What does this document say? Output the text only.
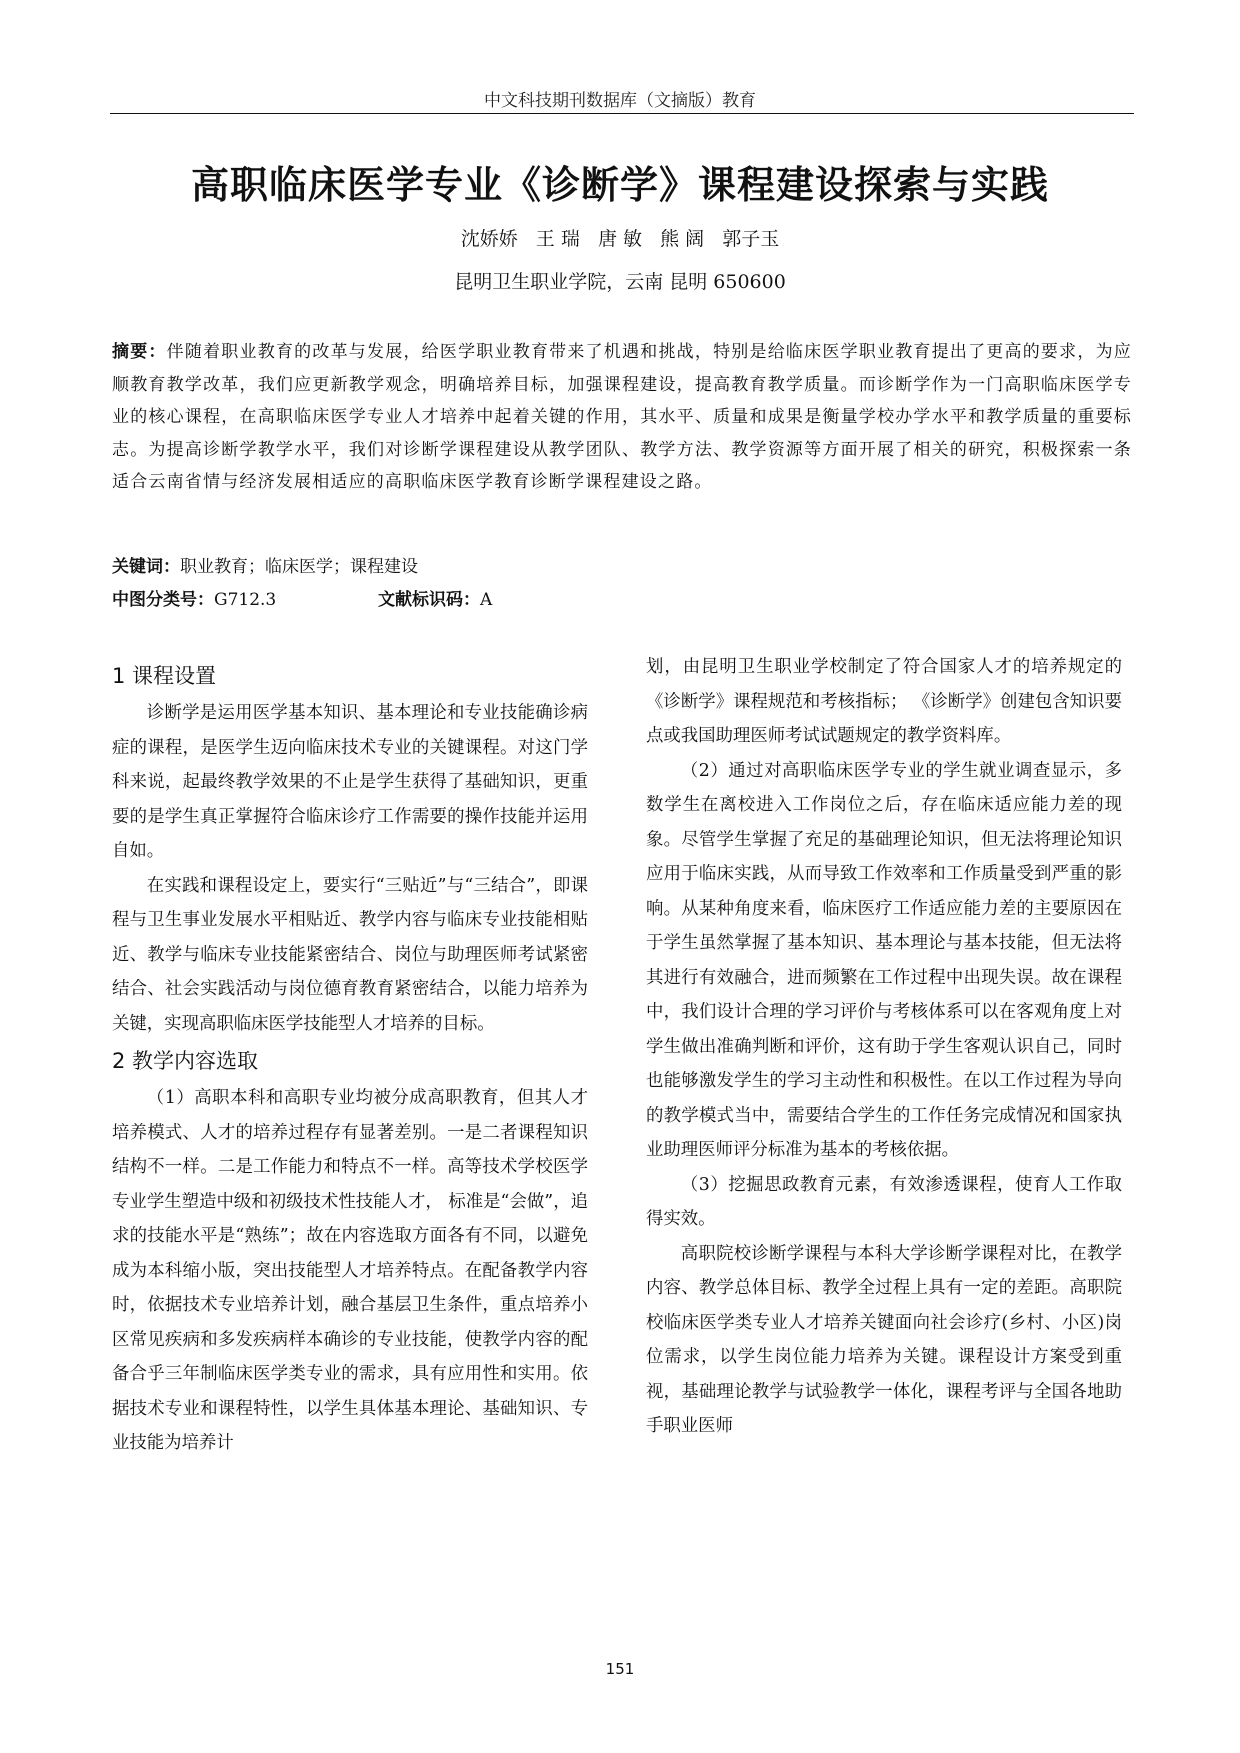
中文科技期刊数据库（文摘版）教育
高职临床医学专业《诊断学》课程建设探索与实践
沈娇娇   王 瑞   唐 敏   熊 阔   郭子玉
昆明卫生职业学院，云南 昆明 650600
摘要：伴随着职业教育的改革与发展，给医学职业教育带来了机遇和挑战，特别是给临床医学职业教育提出了更高的要求，为应顺教育教学改革，我们应更新教学观念，明确培养目标，加强课程建设，提高教育教学质量。而诊断学作为一门高职临床医学专业的核心课程，在高职临床医学专业人才培养中起着关键的作用，其水平、质量和成果是衡量学校办学水平和教学质量的重要标志。为提高诊断学教学水平，我们对诊断学课程建设从教学团队、教学方法、教学资源等方面开展了相关的研究，积极探索一条适合云南省情与经济发展相适应的高职临床医学教育诊断学课程建设之路。
关键词：职业教育；临床医学；课程建设
中图分类号：G712.3	文献标识码：A
1 课程设置

诊断学是运用医学基本知识、基本理论和专业技能确诊病症的课程，是医学生迈向临床技术专业的关键课程。对这门学科来说，起最终教学效果的不止是学生获得了基础知识，更重要的是学生真正掌握符合临床诊疗工作需要的操作技能并运用自如。

在实践和课程设定上，要实行“三贴近”与“三结合”，即课程与卫生事业发展水平相贴近、教学内容与临床专业技能相贴近、教学与临床专业技能紧密结合、岗位与助理医师考试紧密结合、社会实践活动与岗位德育教育紧密结合，以能力培养为关键，实现高职临床医学技能型人才培养的目标。

2 教学内容选取

（1）高职本科和高职专业均被分成高职教育，但其人才培养模式、人才的培养过程存有显著差别。一是二者课程知识结构不一样。二是工作能力和特点不一样。高等技术学校医学专业学生塑造中级和初级技术性技能人才， 标准是“会做”，追求的技能水平是“熟练”；故在内容选取方面各有不同，以避免成为本科缩小版，突出技能型人才培养特点。在配备教学内容时，依据技术专业培养计划，融合基层卫生条件，重点培养小区常见疾病和多发疾病样本确诊的专业技能，使教学内容的配备合乎三年制临床医学类专业的需求，具有应用性和实用。依据技术专业和课程特性，以学生具体基本理论、基础知识、专业技能为培养计

划，由昆明卫生职业学校制定了符合国家人才的培养规定的《诊断学》课程规范和考核指标； 《诊断学》创建包含知识要点或我国助理医师考试试题规定的教学资料库。

（2）通过对高职临床医学专业的学生就业调查显示，多数学生在离校进入工作岗位之后，存在临床适应能力差的现象。尽管学生掌握了充足的基础理论知识，但无法将理论知识应用于临床实践，从而导致工作效率和工作质量受到严重的影响。从某种角度来看，临床医疗工作适应能力差的主要原因在于学生虽然掌握了基本知识、基本理论与基本技能，但无法将其进行有效融合，进而频繁在工作过程中出现失误。故在课程中，我们设计合理的学习评价与考核体系可以在客观角度上对学生做出准确判断和评价，这有助于学生客观认识自己，同时也能够激发学生的学习主动性和积极性。在以工作过程为导向的教学模式当中，需要结合学生的工作任务完成情况和国家执业助理医师评分标准为基本的考核依据。

（3）挖掘思政教育元素，有效渗透课程，使育人工作取得实效。

高职院校诊断学课程与本科大学诊断学课程对比，在教学内容、教学总体目标、教学全过程上具有一定的差距。高职院校临床医学类专业人才培养关键面向社会诊疗(乡村、小区)岗位需求，以学生岗位能力培养为关键。课程设计方案受到重视，基础理论教学与试验教学一体化，课程考评与全国各地助手职业医师

151
